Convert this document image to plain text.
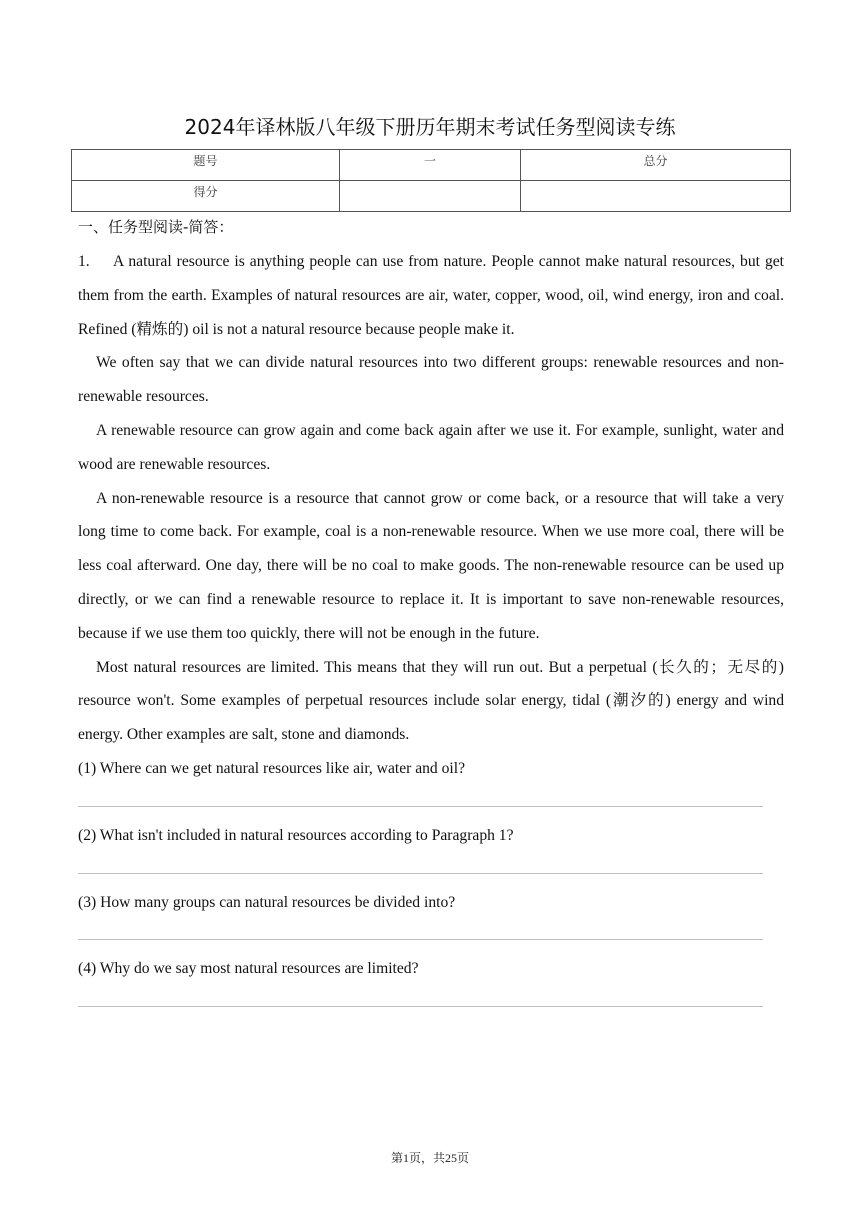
2024年译林版八年级下册历年期末考试任务型阅读专练
题号	一	总分
得分		
一、任务型阅读-简答：

1. A natural resource is anything people can use from nature. People cannot make natural resources, but get them from the earth. Examples of natural resources are air, water, copper, wood, oil, wind energy, iron and coal. Refined (精炼的) oil is not a natural resource because people make it.

We often say that we can divide natural resources into two different groups: renewable resources and non-renewable resources.

A renewable resource can grow again and come back again after we use it. For example, sunlight, water and wood are renewable resources.

A non-renewable resource is a resource that cannot grow or come back, or a resource that will take a very long time to come back. For example, coal is a non-renewable resource. When we use more coal, there will be less coal afterward. One day, there will be no coal to make goods. The non-renewable resource can be used up directly, or we can find a renewable resource to replace it. It is important to save non-renewable resources, because if we use them too quickly, there will not be enough in the future.

Most natural resources are limited. This means that they will run out. But a perpetual (长久的；无尽的) resource won't. Some examples of perpetual resources include solar energy, tidal (潮汐的) energy and wind energy. Other examples are salt, stone and diamonds.

(1) Where can we get natural resources like air, water and oil?

(2) What isn't included in natural resources according to Paragraph 1?

(3) How many groups can natural resources be divided into?

(4) Why do we say most natural resources are limited?

第1页，共25页
